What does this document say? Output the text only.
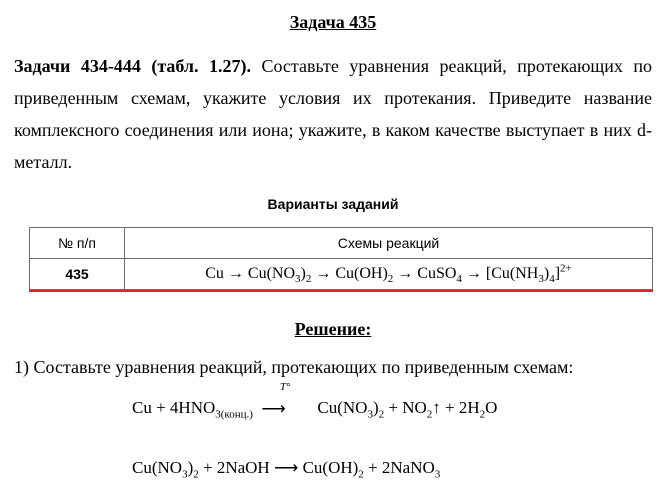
Задача 435
Задачи 434-444 (табл. 1.27). Составьте уравнения реакций, протекающих по приведенным схемам, укажите условия их протекания. Приведите название комплексного соединения или иона; укажите, в каком качестве выступает в них d-металл.
Варианты заданий
№ п/п	Схемы реакций
435	$Cu \to Cu(NO_3)_2 \to Cu(OH)_2$ → CuSO$_4$ → $[Cu(NH_3)_4]^{2+}$
Решение:
1) Составьте уравнения реакций, протекающих по приведенным схемам:
$Cu + 4HNO_{3(конц.)}$
T°
⟶  $Cu(NO_3)_2$ + $NO_2↑ + 2H_2O$
$Cu(NO_3)_2$ + 2NaOH ⟶ $Cu(OH)_2$ + 2NaNO$_3$
